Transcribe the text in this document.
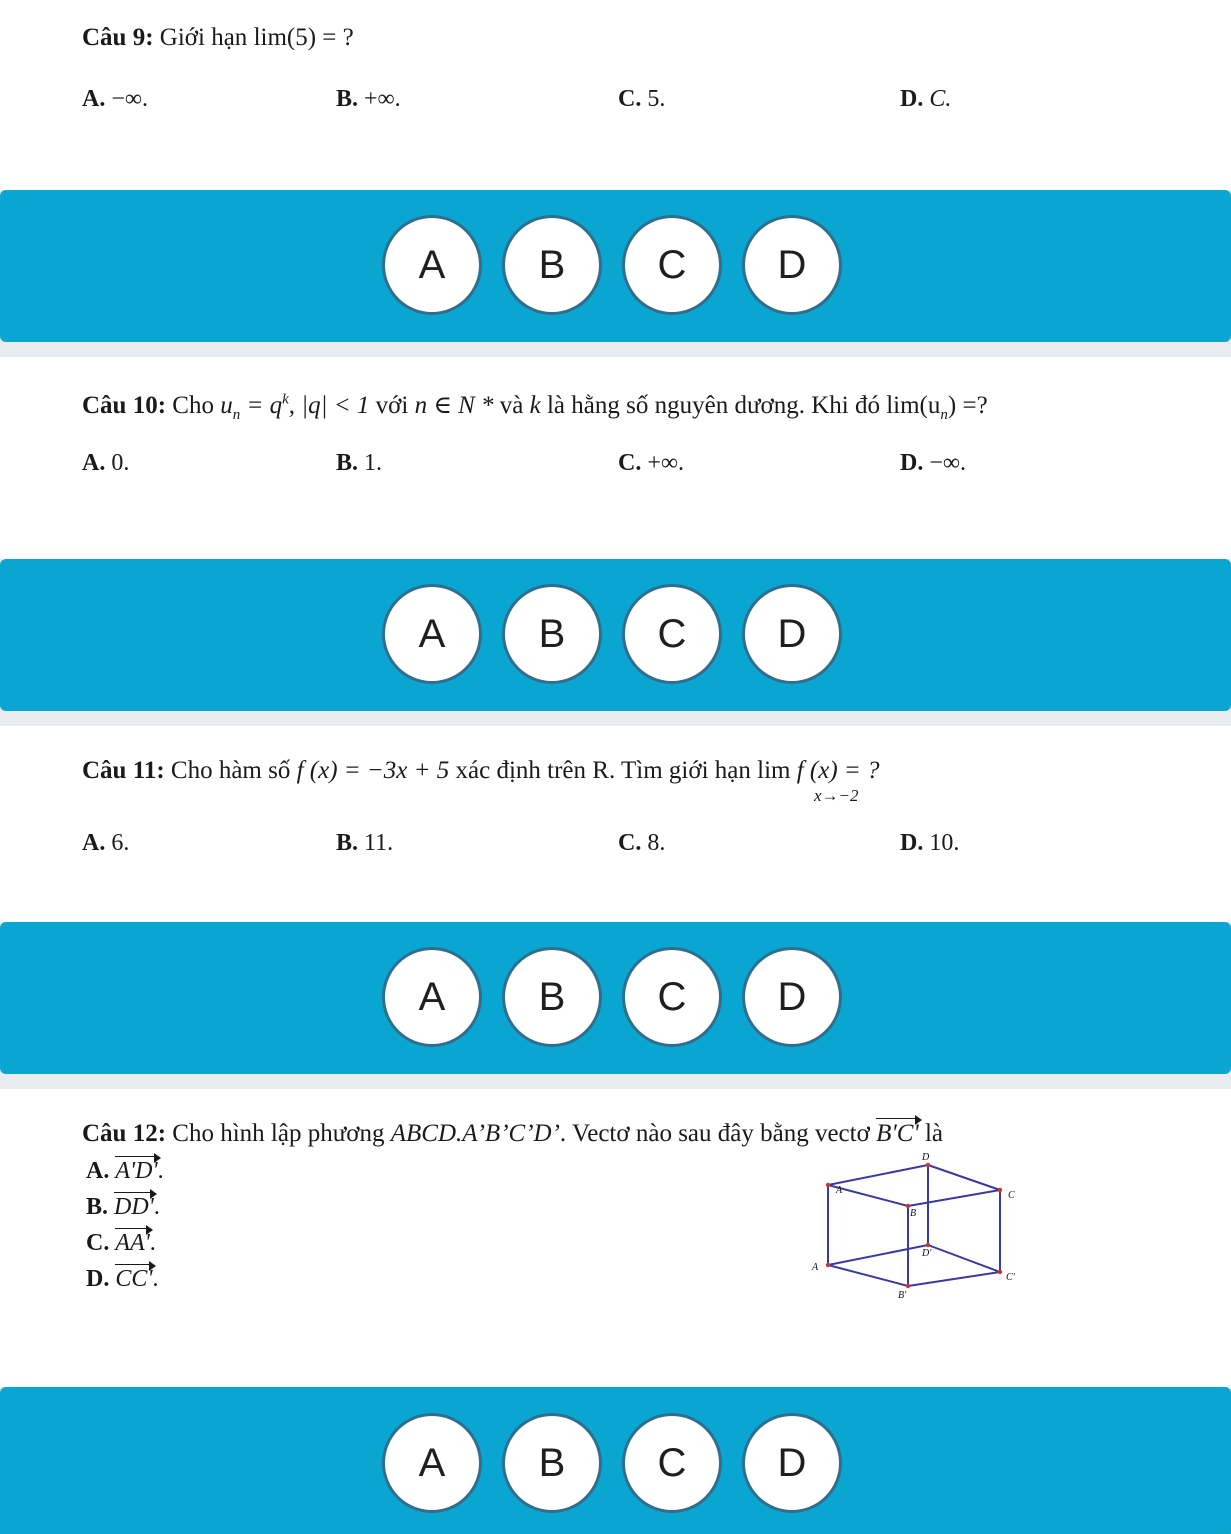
Câu 9: Giới hạn lim(5) = ?
A. −∞.	B. +∞.	C. 5.	D. C.
A	B	C	D
Câu 10: Cho $u_n = q^k$, |q| < 1 với n ∈ N * và k là hằng số nguyên dương. Khi đó $\lim(u_n)$ =?
A. 0.	B. 1.	C. +∞.	D. −∞.
A	B	C	D
Câu 11: Cho hàm số f (x) = −3x + 5 xác định trên R. Tìm giới hạn lim f (x) = ?
x→−2
A. 6.	B. 11.	C. 8.	D. 10.
A	B	C	D
Câu 12: Cho hình lập phương ABCD.A’B’C’D’. Vectơ nào sau đây bằng vectơ B'C' là
A. A'D'.
B. DD'.
C. AA'.
D. CC'.
D
A	C
B
D'
A
C'
B'
A	B	C	D
